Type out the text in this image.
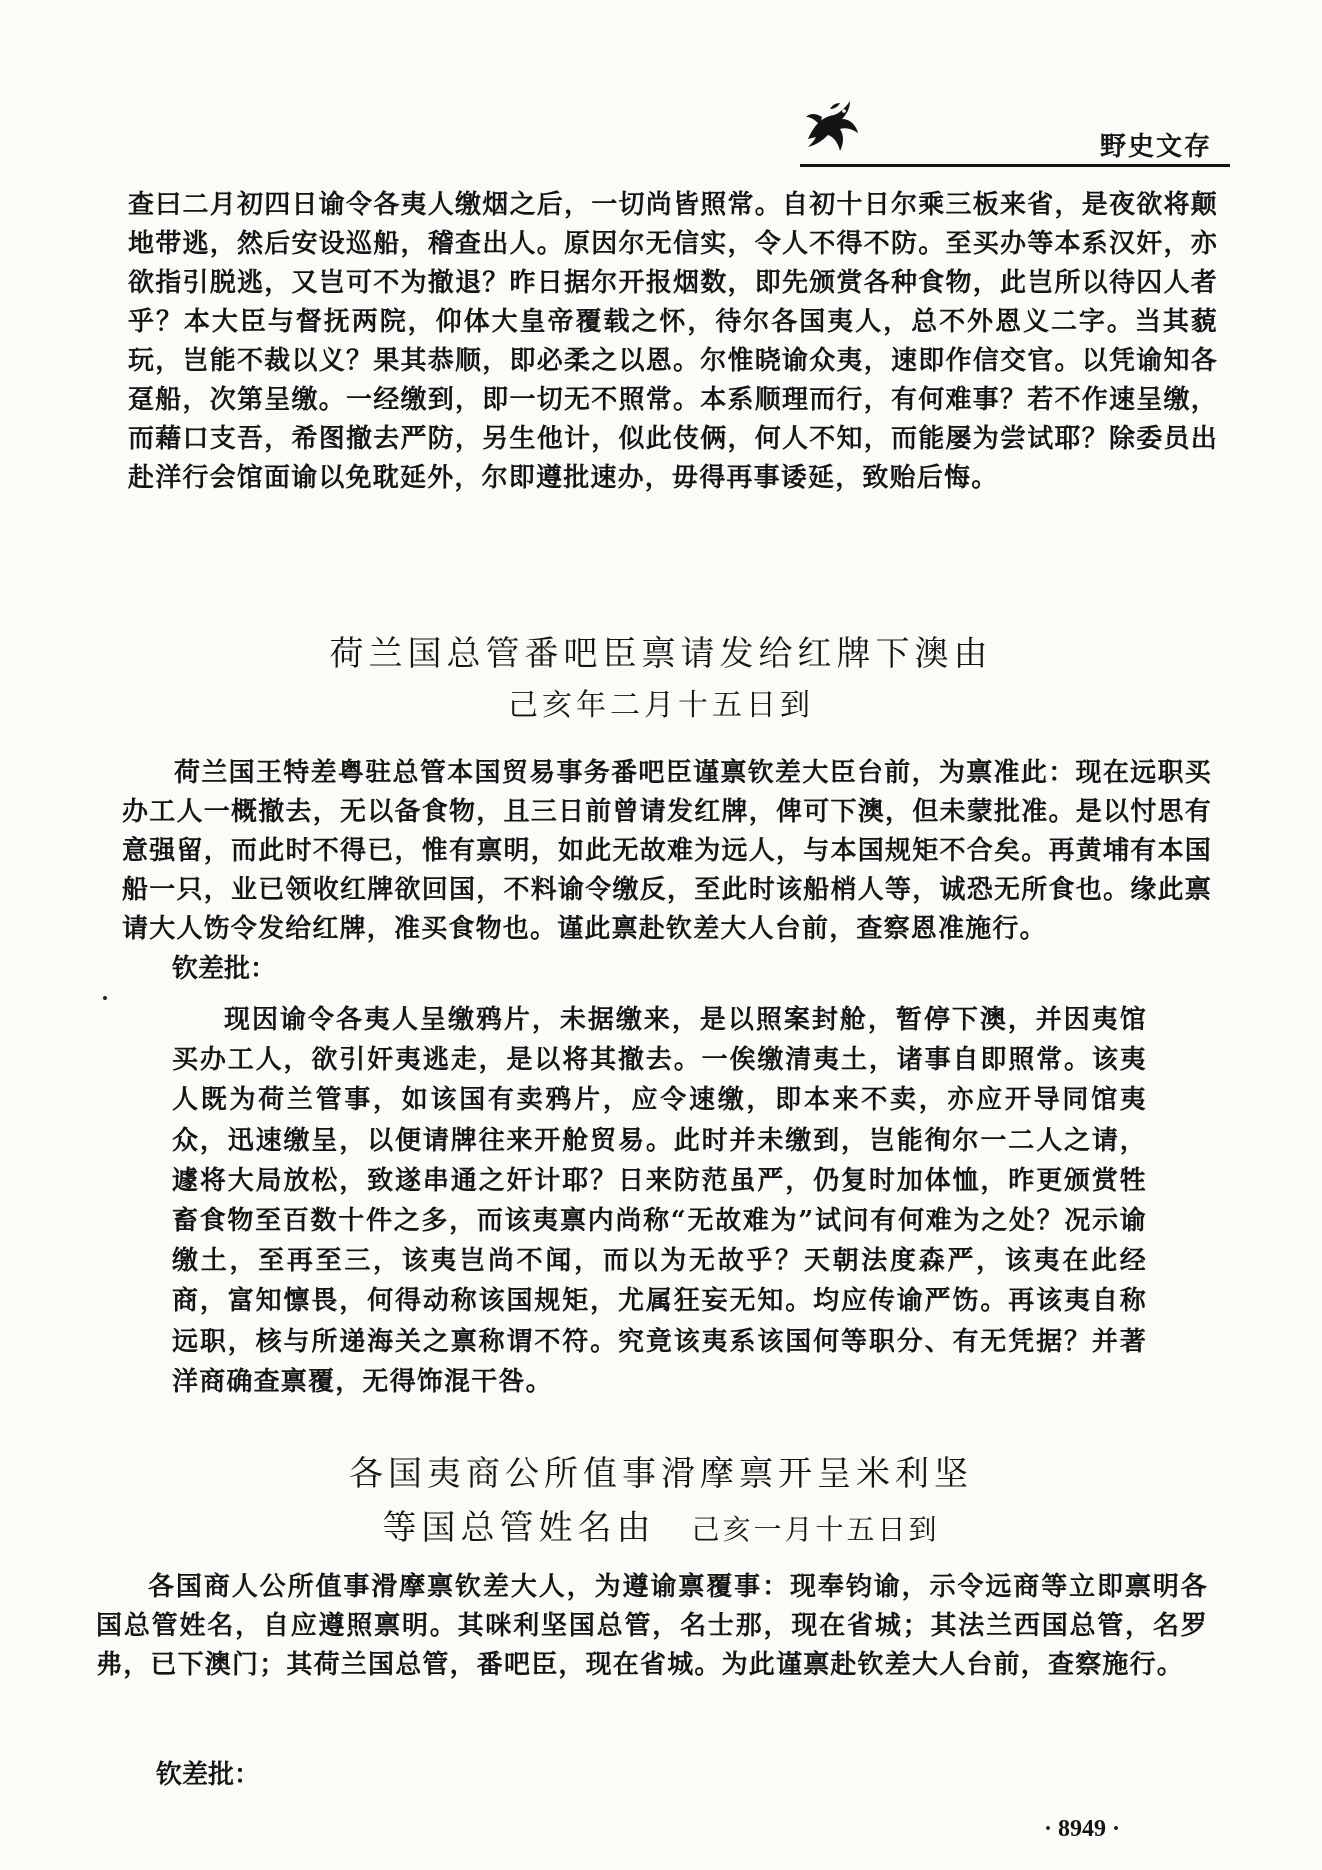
野史文存

查曰二月初四日谕令各夷人缴烟之后，一切尚皆照常。自初十日尔乘三板来省，是夜欲将颠地带逃，然后安设巡船，稽查出人。原因尔无信实，令人不得不防。至买办等本系汉奸，亦欲指引脱逃，又岂可不为撤退？昨日据尔开报烟数，即先颁赏各种食物，此岂所以待囚人者乎？本大臣与督抚两院，仰体大皇帝覆载之怀，待尔各国夷人，总不外恩义二字。当其藐玩，岂能不裁以义？果其恭顺，即必柔之以恩。尔惟晓谕众夷，速即作信交官。以凭谕知各趸船，次第呈缴。一经缴到，即一切无不照常。本系顺理而行，有何难事？若不作速呈缴，而藉口支吾，希图撤去严防，另生他计，似此伎俩，何人不知，而能屡为尝试耶？除委员出赴洋行会馆面谕以免耽延外，尔即遵批速办，毋得再事诿延，致贻后悔。

荷兰国总管番吧臣禀请发给红牌下澳由
己亥年二月十五日到

荷兰国王特差粤驻总管本国贸易事务番吧臣谨禀钦差大臣台前，为禀准此：现在远职买办工人一概撤去，无以备食物，且三日前曾请发红牌，俾可下澳，但未蒙批准。是以忖思有意强留，而此时不得已，惟有禀明，如此无故难为远人，与本国规矩不合矣。再黄埔有本国船一只，业已领收红牌欲回国，不料谕令缴反，至此时该船梢人等，诚恐无所食也。缘此禀请大人饬令发给红牌，准买食物也。谨此禀赴钦差大人台前，查察恩准施行。

钦差批：

现因谕令各夷人呈缴鸦片，未据缴来，是以照案封舱，暂停下澳，并因夷馆买办工人，欲引奸夷逃走，是以将其撤去。一俟缴清夷土，诸事自即照常。该夷人既为荷兰管事，如该国有卖鸦片，应令速缴，即本来不卖，亦应开导同馆夷众，迅速缴呈，以便请牌往来开舱贸易。此时并未缴到，岂能徇尔一二人之请，遽将大局放松，致遂串通之奸计耶？日来防范虽严，仍复时加体恤，昨更颁赏牲畜食物至百数十件之多，而该夷禀内尚称“无故难为”试问有何难为之处？况示谕缴土，至再至三，该夷岂尚不闻，而以为无故乎？天朝法度森严，该夷在此经商，富知懔畏，何得动称该国规矩，尤属狂妄无知。均应传谕严饬。再该夷自称远职，核与所递海关之禀称谓不符。究竟该夷系该国何等职分、有无凭据？并著洋商确查禀覆，无得饰混干咎。

各国夷商公所值事滑摩禀开呈米利坚
等国总管姓名由 己亥一月十五日到

各国商人公所值事滑摩禀钦差大人，为遵谕禀覆事：现奉钧谕，示令远商等立即禀明各国总管姓名，自应遵照禀明。其咪利坚国总管，名士那，现在省城；其法兰西国总管，名罗弗，已下澳门；其荷兰国总管，番吧臣，现在省城。为此谨禀赴钦差大人台前，查察施行。

钦差批：

· 8949 ·
